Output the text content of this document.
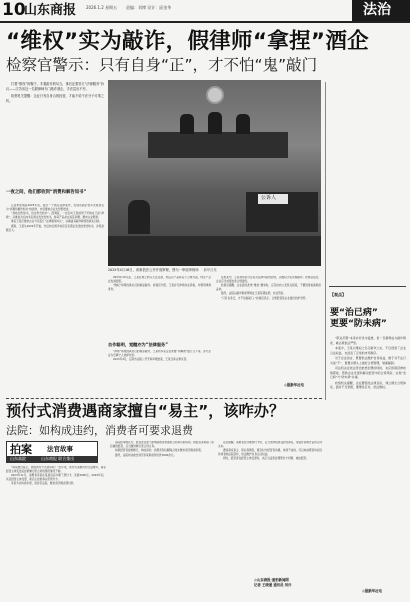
10
山东商报 2026.1.2 星期五 责编：刘博 设计：邱金华	法治
“维权”实为敲诈，假律师“拿捏”酒企
检察官警示：只有自身“正”，才不怕“鬼”敲门

打着“维权”的幌子，手着敲诈的勾当，事后还要签订“法律服务”协议——江苏省近一名假律师专门敲诈酒企，手法层出不穷。

检察机关提醒：企业只有自身合规经营，才能不给不法分子可乘之机。

公诉人
2025年4月16日，该案依法公开开庭审理，图为一审庭审现场 新华社发
一夜之间，他们都收到“消费和解告知书”

江阴市检察院2023年底，接过一个酒企法律案件，发现该酒企曾多次收到名为“消费和解告知书”的函件，内容要求企业支付赔偿金。

“我收到告知书，但这份告知书”。经调查，一位名叫王某的男子声称自己是“律师”，以维权为名向多家酒企发送告知书，称其产品存在标签问题，要求企业赔偿。

事后王某还要求企业与其签订“法律服务协议”，以掩盖其敲诈勒索的真实目的。

据查，王某从2022年开始，先后向全国多地近百家酒企发送此类告知书，涉案金额巨大。

2023年10月起，王某在网上购买大量白酒，然后以产品标签不合规为由，向生产企业发函索赔。

“维权”如果的真实目的就是敲诈。检察官介绍，王某并无律师执业资格，却冒用律师身份。

自作聪明，觉醒亦为“法律服务”

“律师”如果的真实目的就是敲诈，王某向多家企业索要“和解费”数万元不等，部分企业为息事宁人选择付款。

2025年4月，江阴市法院公开开庭审理此案，王某当庭认罪认罚。

在此案中，王某利用部分企业对法律风险的担忧，以维权为名实施敲诈。检察官指出，企业应当加强自身合规建设。

检察官提醒，企业面对此类“维权”要求时，应及时向公安机关报案，不要因害怕麻烦而妥协。

最终，法院以敲诈勒索罪判处王某有期徒刑，并处罚金。

“只有自身正，才不怕鬼敲门。”检察官表示，合规经营是企业最好的护身符。

◎据新华社电
【观点】
要“治已病”
更要“防未病”

“职业打假”本身并非洪水猛兽，但一旦越界成为敲诈勒索，就必须依法严惩。

本案中，王某以维权之名行敲诈之实，不仅侵害了企业合法权益，也扰乱了正常的市场秩序。

对于企业而言，既要依法维护自身权益，敢于对不法行为说“不”，更要从源头上做好合规管理，堵塞漏洞。

司法机关在依法惩治此类犯罪的同时，也应积极延伸检察职能，帮助企业发现和解决经营中的合规风险，实现“治已病”与“防未病”并重。

检察机关提醒，企业要强化法律意识，建立健全合规体系，面对不当索赔，要理性应对，依法维权。

◎据新华社电
预付式消费遇商家擅自“易主”，该咋办？
法院：如构成违约，消费者可要求退费
拍案 法官故事
山东高院	山东商报 联合推出

“商家擅自易主，我的预付卡还能用吗？”近年来，预付式消费纠纷日益增多，商家经营主体变更后拒绝履行原合同的情况屡见不鲜。

2023年11月，消费者李某在某美容店办理了预付卡，充值5000元。2024年初，该店经营主体变更，新店主拒绝承认原预付卡。

李某多次协商未果，遂诉至法院，要求退还剩余预付款。

法院经审理认为，经营者变更不影响消费者依据原合同享有的权利。新经营者承接了原店铺的经营，应当继续履行原合同义务。

如新经营者拒绝履行，构成违约，消费者有权解除合同并要求退还剩余款项。

最终，法院判决被告退还李某剩余预付款3000余元。

法官提醒，消费者在办理预付卡时，应当选择信誉良好的商家，保留好消费凭证和合同文本。

遇到商家易主、停业等情况，要及时与经营者沟通，协商不成的，可以向消费者协会投诉或者向法院起诉，依法维护自身合法权益。

同时，经营者在经营主体变更时，也应当妥善处理预付卡问题，诚信经营。

◎山东商报·速豹新闻网
记者 王晓通 通讯员 刘丹
